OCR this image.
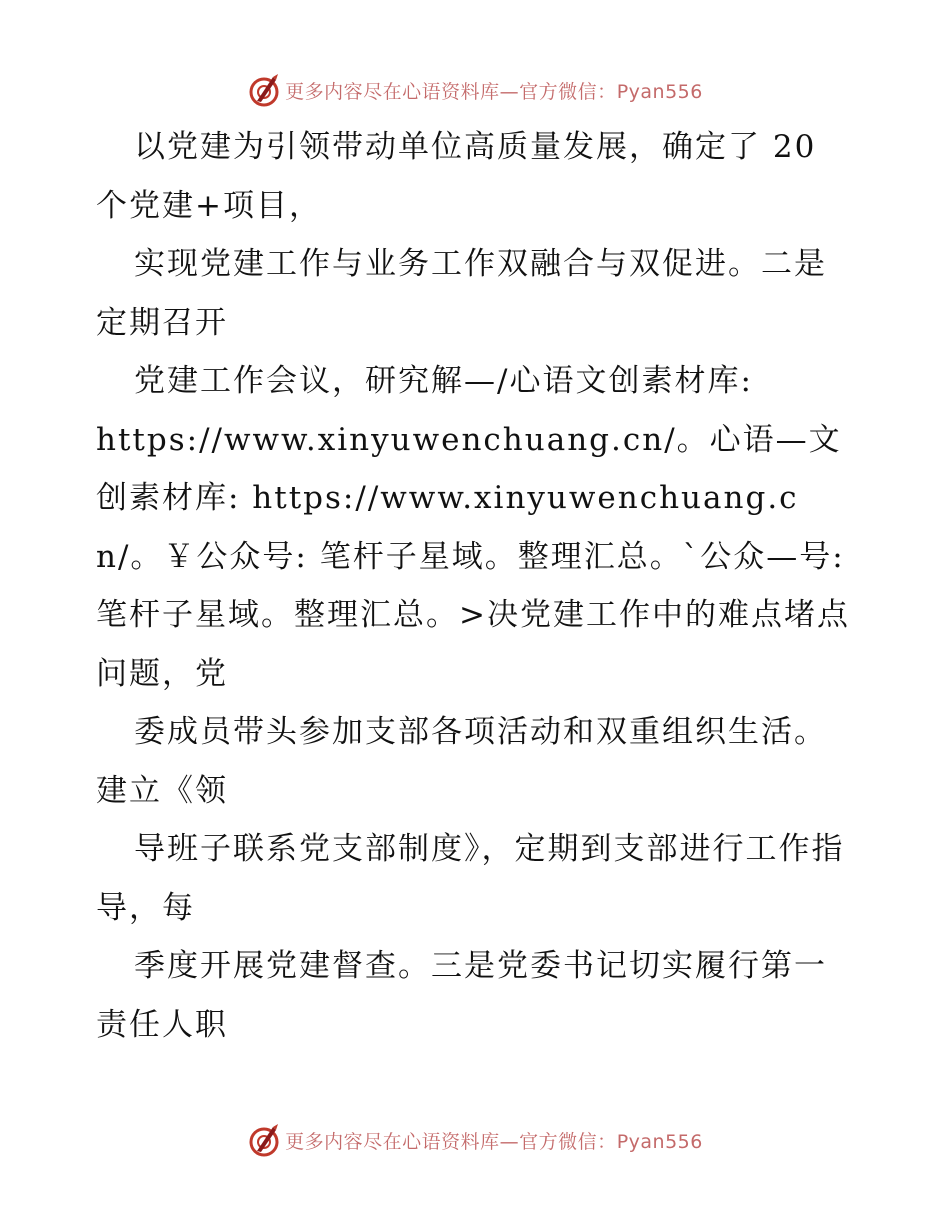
更多内容尽在心语资料库—官方微信：Pyan556

以党建为引领带动单位高质量发展，确定了 20 个党建+项目，

实现党建工作与业务工作双融合与双促进。二是定期召开

党建工作会议，研究解—/心语文创素材库:

https://www.xinyuwenchuang.cn/。心语—文创素材库: https://www.xinyuwenchuang.cn/。￥公众号: 笔杆子星域。整理汇总。`公众—号: 笔杆子星域。整理汇总。>决党建工作中的难点堵点问题，党

委成员带头参加支部各项活动和双重组织生活。建立《领

导班子联系党支部制度》，定期到支部进行工作指导，每

季度开展党建督查。三是党委书记切实履行第一责任人职

更多内容尽在心语资料库—官方微信：Pyan556
